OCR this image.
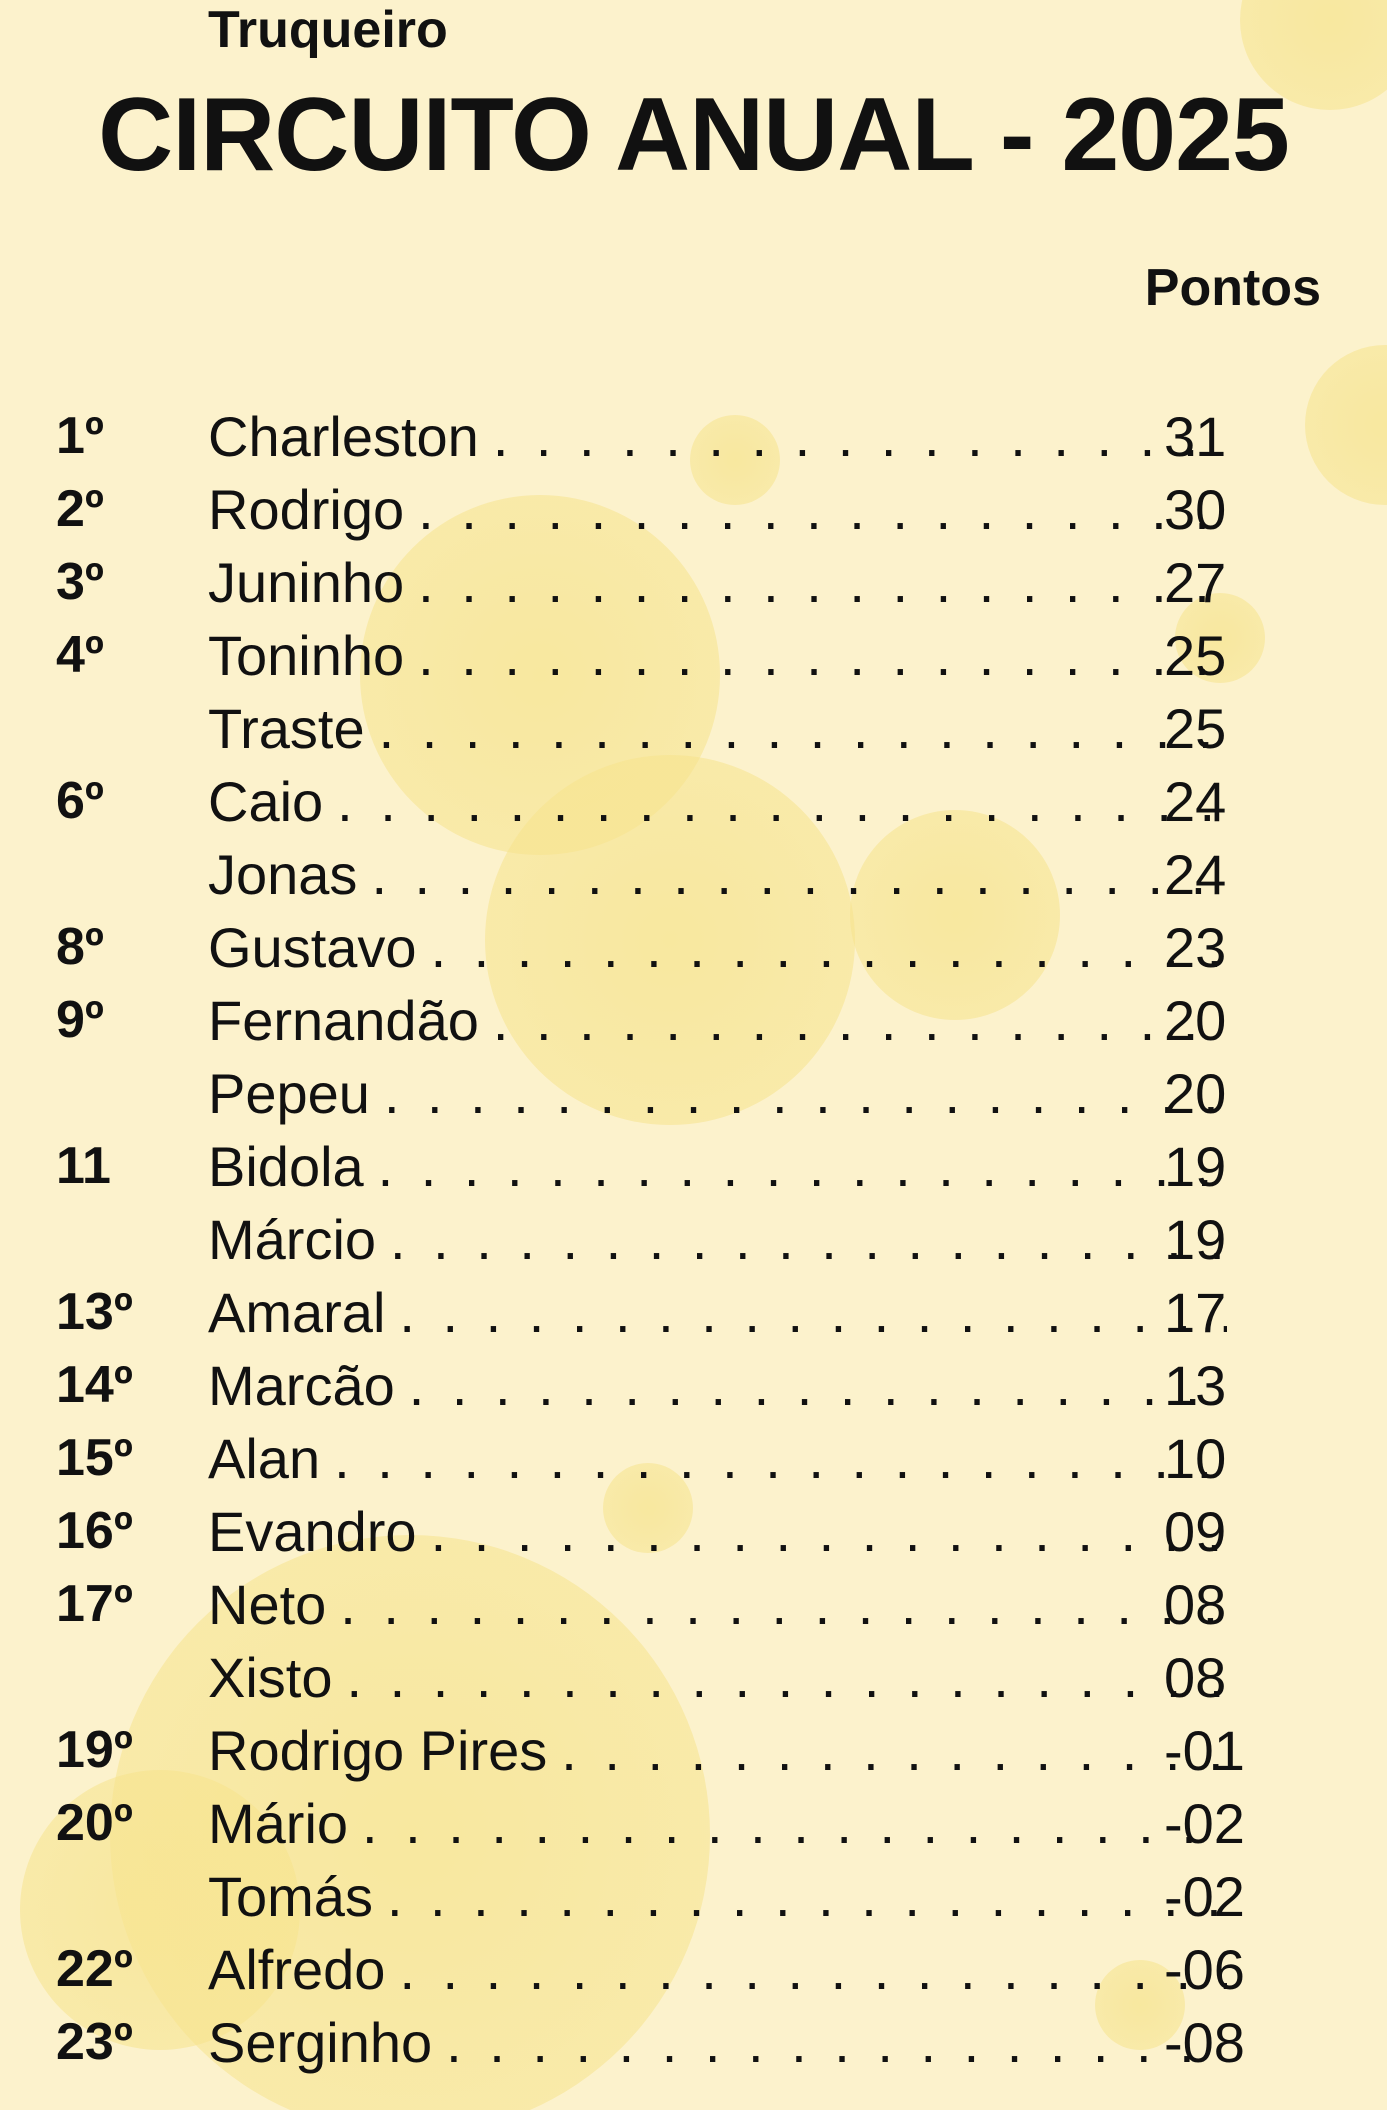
CIRCUITO ANUAL - 2025
Truqueiro
Pontos
1º Charleston . . .	31
2º Rodrigo . . .	30
3º Juninho . . .	27
4º Toninho . . .	25
Traste . . .	25
6º Caio . . .	24
Jonas . . .	24
8º Gustavo . . .	23
9º Fernandão . . .	20
Pepeu . . .	20
11 Bidola . . .	19
Márcio . . .	19
13º Amaral . . .	17
14º Marcão . . .	13
15º Alan . . .	10
16º Evandro . . .	09
17º Neto . . .	08
Xisto . . .	08
19º Rodrigo Pires . . .	-01
20º Mário . . .	-02
Tomás . . .	-02
22º Alfredo . . .	-06
23º Serginho . . .	-08
